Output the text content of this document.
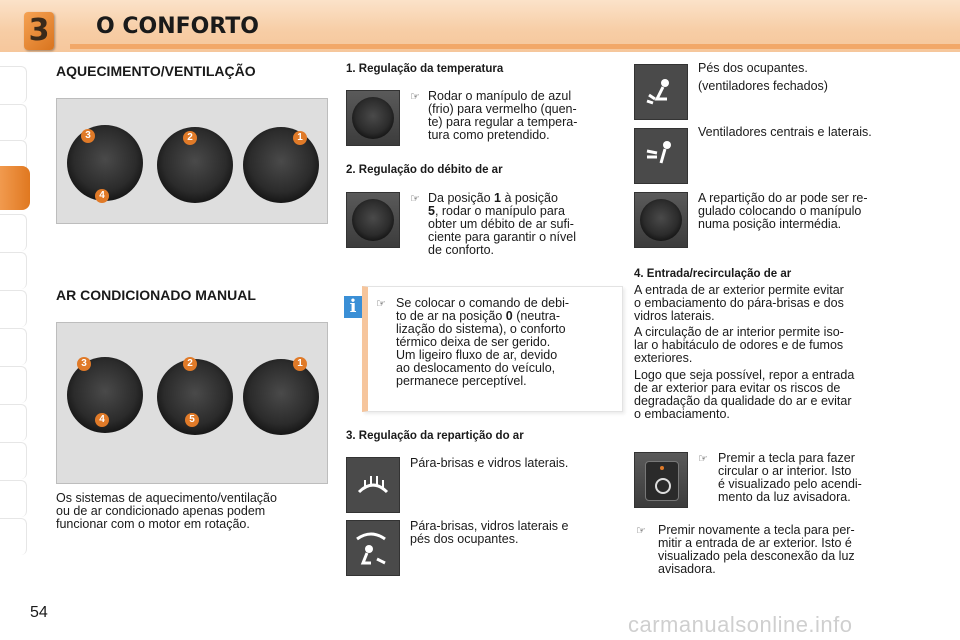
3 O CONFORTO
AQUECIMENTO/VENTILAÇÃO
3	2	1
4
AR CONDICIONADO MANUAL
3	2	1
4	5
Os sistemas de aquecimento/ventilação
ou de ar condicionado apenas podem
funcionar com o motor em rotação.
1. Regulação da temperatura
☞ Rodar o manípulo de azul
(frio) para vermelho (quen-
te) para regular a tempera-
tura como pretendido.
2. Regulação do débito de ar
☞ Da posição 1 à posição
5, rodar o manípulo para
obter um débito de ar sufi-
ciente para garantir o nível
de conforto.
☞ Se colocar o comando de debi-
to de ar na posição 0 (neutra-
lização do sistema), o conforto
térmico deixa de ser gerido.
Um ligeiro fluxo de ar, devido
ao deslocamento do veículo,
permanece perceptível.
i
3. Regulação da repartição do ar
Pára-brisas e vidros laterais.
Pára-brisas, vidros laterais e
pés dos ocupantes.
Pés dos ocupantes.
(ventiladores fechados)
Ventiladores centrais e laterais.
A repartição do ar pode ser re-
gulado colocando o manípulo
numa posição intermédia.
4. Entrada/recirculação de ar
A entrada de ar exterior permite evitar
o embaciamento do pára-brisas e dos
vidros laterais.
A circulação de ar interior permite iso-
lar o habitáculo de odores e de fumos
exteriores.
Logo que seja possível, repor a entrada
de ar exterior para evitar os riscos de
degradação da qualidade do ar e evitar
o embaciamento.
☞ Premir a tecla para fazer
circular o ar interior. Isto
é visualizado pelo acendi-
mento da luz avisadora.
☞ Premir novamente a tecla para per-
mitir a entrada de ar exterior. Isto é
visualizado pela desconexão da luz
avisadora.
54	carmanualsonline.info
